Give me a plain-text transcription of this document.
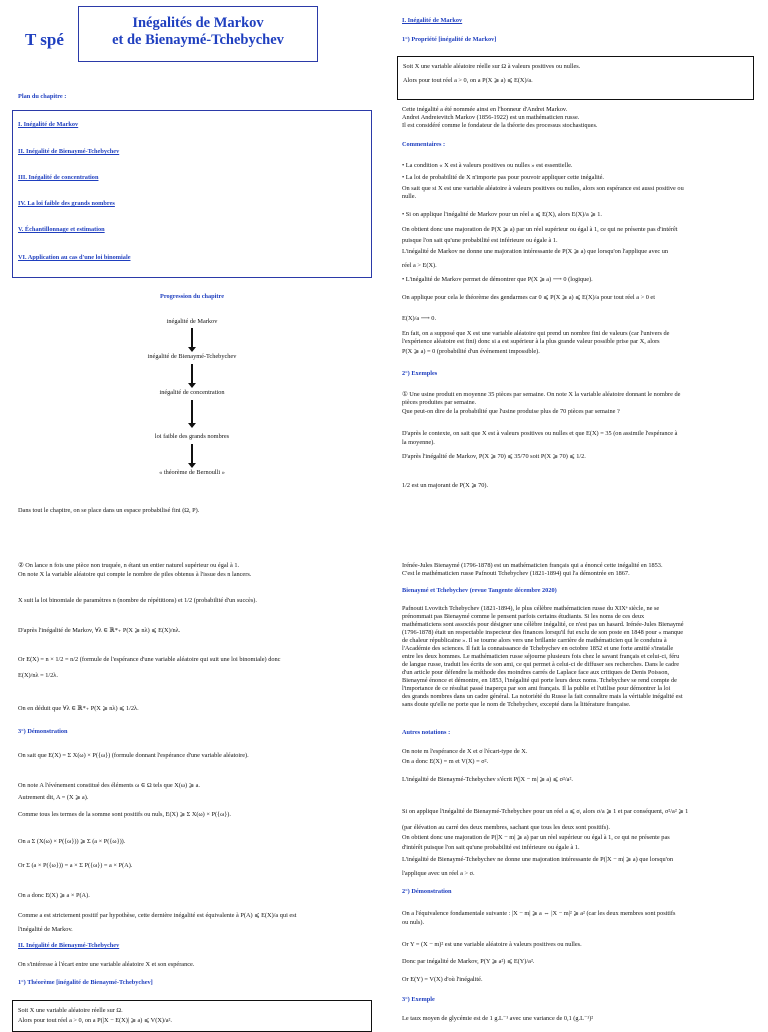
T spé
Inégalités de Markov
et de Bienaymé-Tchebychev
Plan du chapitre :
I. Inégalité de Markov
II. Inégalité de Bienaymé-Tchebychev
III. Inégalité de concentration
IV. La loi faible des grands nombres
V. Échantillonnage et estimation
VI. Application au cas d'une loi binomiale
Progression du chapitre
inégalité de Markov
inégalité de Bienaymé-Tchebychev
inégalité de concentration
loi faible des grands nombres
« théorème de Bernoulli »
Dans tout le chapitre, on se place dans un espace probabilisé fini (Ω, P).
I. Inégalité de Markov
1°) Propriété [inégalité de Markov]
Soit X une variable aléatoire réelle sur Ω à valeurs positives ou nulles.
Alors pour tout réel a > 0, on a P(X ⩾ a) ⩽ E(X)/a.
Cette inégalité a été nommée ainsi en l'honneur d'Andrei Markov.
Andrei Andreievitch Markov (1856-1922) est un mathématicien russe.
Il est considéré comme le fondateur de la théorie des processus stochastiques.
Commentaires :
• La condition « X est à valeurs positives ou nulles » est essentielle.
• La loi de probabilité de X n'importe pas pour pouvoir appliquer cette inégalité.
On sait que si X est une variable aléatoire à valeurs positives ou nulles, alors son espérance est aussi positive ou
nulle.
• Si on applique l'inégalité de Markov pour un réel a ⩽ E(X), alors E(X)/a ⩾ 1.
On obtient donc une majoration de P(X ⩾ a) par un réel supérieur ou égal à 1, ce qui ne présente pas d'intérêt
puisque l'on sait qu'une probabilité est inférieure ou égale à 1.
L'inégalité de Markov ne donne une majoration intéressante de P(X ⩾ a) que lorsqu'on l'applique avec un
réel a > E(X).
• L'inégalité de Markov permet de démontrer que P(X ⩾ a) ⟶ 0 (logique).
On applique pour cela le théorème des gendarmes car 0 ⩽ P(X ⩾ a) ⩽ E(X)/a pour tout réel a > 0 et
E(X)/a ⟶ 0.
En fait, on a supposé que X est une variable aléatoire qui prend un nombre fini de valeurs (car l'univers de
l'expérience aléatoire est fini) donc si a est supérieur à la plus grande valeur possible prise par X, alors
P(X ⩾ a) = 0 (probabilité d'un événement impossible).
2°) Exemples
① Une usine produit en moyenne 35 pièces par semaine. On note X la variable aléatoire donnant le nombre de
pièces produites par semaine.
Que peut-on dire de la probabilité que l'usine produise plus de 70 pièces par semaine ?
D'après le contexte, on sait que X est à valeurs positives ou nulles et que E(X) = 35 (on assimile l'espérance à
la moyenne).
D'après l'inégalité de Markov, P(X ⩾ 70) ⩽ 35/70 soit P(X ⩾ 70) ⩽ 1/2.
1/2 est un majorant de P(X ⩾ 70).
② On lance n fois une pièce non truquée, n étant un entier naturel supérieur ou égal à 1.
On note X la variable aléatoire qui compte le nombre de piles obtenus à l'issue des n lancers.
X suit la loi binomiale de paramètres n (nombre de répétitions) et 1/2 (probabilité d'un succès).
D'après l'inégalité de Markov, ∀λ ∈ ℝ*₊ P(X ⩾ nλ) ⩽ E(X)/nλ.
Or E(X) = n × 1/2 = n/2 (formule de l'espérance d'une variable aléatoire qui suit une loi binomiale) donc
E(X)/nλ = 1/2λ.
On en déduit que ∀λ ∈ ℝ*₊ P(X ⩾ nλ) ⩽ 1/2λ.
3°) Démonstration
On sait que E(X) = Σ X(ω) × P({ω}) (formule donnant l'espérance d'une variable aléatoire).
On note A l'événement constitué des éléments ω ∈ Ω tels que X(ω) ⩾ a.
Autrement dit, A = (X ⩾ a).
Comme tous les termes de la somme sont positifs ou nuls, E(X) ⩾ Σ X(ω) × P({ω}).
On a Σ (X(ω) × P({ω})) ⩾ Σ (a × P({ω})).
Or Σ (a × P({ω})) = a × Σ P({ω}) = a × P(A).
On a donc E(X) ⩾ a × P(A).
Comme a est strictement positif par hypothèse, cette dernière inégalité est équivalente à P(A) ⩽ E(X)/a qui est
l'inégalité de Markov.
II. Inégalité de Bienaymé-Tchebychev
On s'intéresse à l'écart entre une variable aléatoire X et son espérance.
1°) Théorème [inégalité de Bienaymé-Tchebychev]
Soit X une variable aléatoire réelle sur Ω.
Alors pour tout réel a > 0, on a P(|X − E(X)| ⩾ a) ⩽ V(X)/a².
Irénée-Jules Bienaymé (1796-1878) est un mathématicien français qui a énoncé cette inégalité en 1853.
C'est le mathématicien russe Pafnouti Tchebychev (1821-1894) qui l'a démontrée en 1867.
Bienaymé et Tchebychev (revue Tangente décembre 2020)
Pafnouti Lvovitch Tchebychev (1821-1894), le plus célèbre mathématicien russe du XIXᵉ siècle, ne se
prénommait pas Bienaymé comme le pensent parfois certains étudiants. Si les noms de ces deux
mathématiciens sont associés pour désigner une célèbre inégalité, ce n'est pas un hasard. Irénée-Jules Bienaymé
(1796-1878) était un respectable inspecteur des finances lorsqu'il fut exclu de son poste en 1848 pour « manque
de chaleur républicaine ». Il se tourne alors vers une brillante carrière de mathématicien qui le conduira à
l'Académie des sciences. Il fait la connaissance de Tchebychev en octobre 1852 et une forte amitié s'installe
entre les deux hommes. Le mathématicien russe séjourne plusieurs fois chez le savant français et celui-ci, féru
de langue russe, traduit les écrits de son ami, ce qui permet à celui-ci de diffuser ses recherches. Dans le cadre
d'un article pour défendre la méthode des moindres carrés de Laplace face aux critiques de Denis Poisson,
Bienaymé énonce et démontre, en 1853, l'inégalité qui porte leurs deux noms. Tchebychev se rend compte de
l'importance de ce résultat passé inaperçu par son ami français. Il la publie et l'utilise pour démontrer la loi
des grands nombres dans un cadre général. La notoriété du Russe la fait connaître mais la véritable inégalité est
sans doute qu'elle ne porte que le nom de Tchebychev, excepté dans la littérature française.
Autres notations :
On note m l'espérance de X et σ l'écart-type de X.
On a donc E(X) = m et V(X) = σ².
L'inégalité de Bienaymé-Tchebychev s'écrit P(|X − m| ⩾ a) ⩽ σ²/a².
Si on applique l'inégalité de Bienaymé-Tchebychev pour un réel a ⩽ σ, alors σ/a ⩾ 1 et par conséquent, σ²/a² ⩾ 1
(par élévation au carré des deux membres, sachant que tous les deux sont positifs).
On obtient donc une majoration de P(|X − m| ⩾ a) par un réel supérieur ou égal à 1, ce qui ne présente pas
d'intérêt puisque l'on sait qu'une probabilité est inférieure ou égale à 1.
L'inégalité de Bienaymé-Tchebychev ne donne une majoration intéressante de P(|X − m| ⩾ a) que lorsqu'on
l'applique avec un réel a > σ.
2°) Démonstration
On a l'équivalence fondamentale suivante : |X − m| ⩾ a ⇔ |X − m|² ⩾ a² (car les deux membres sont positifs
ou nuls).
Or Y = (X − m)² est une variable aléatoire à valeurs positives ou nulles.
Donc par inégalité de Markov, P(Y ⩾ a²) ⩽ E(Y)/a².
Or E(Y) = V(X) d'où l'inégalité.
3°) Exemple
Le taux moyen de glycémie est de 1 g.L⁻¹ avec une variance de 0,1 (g.L⁻¹)²
